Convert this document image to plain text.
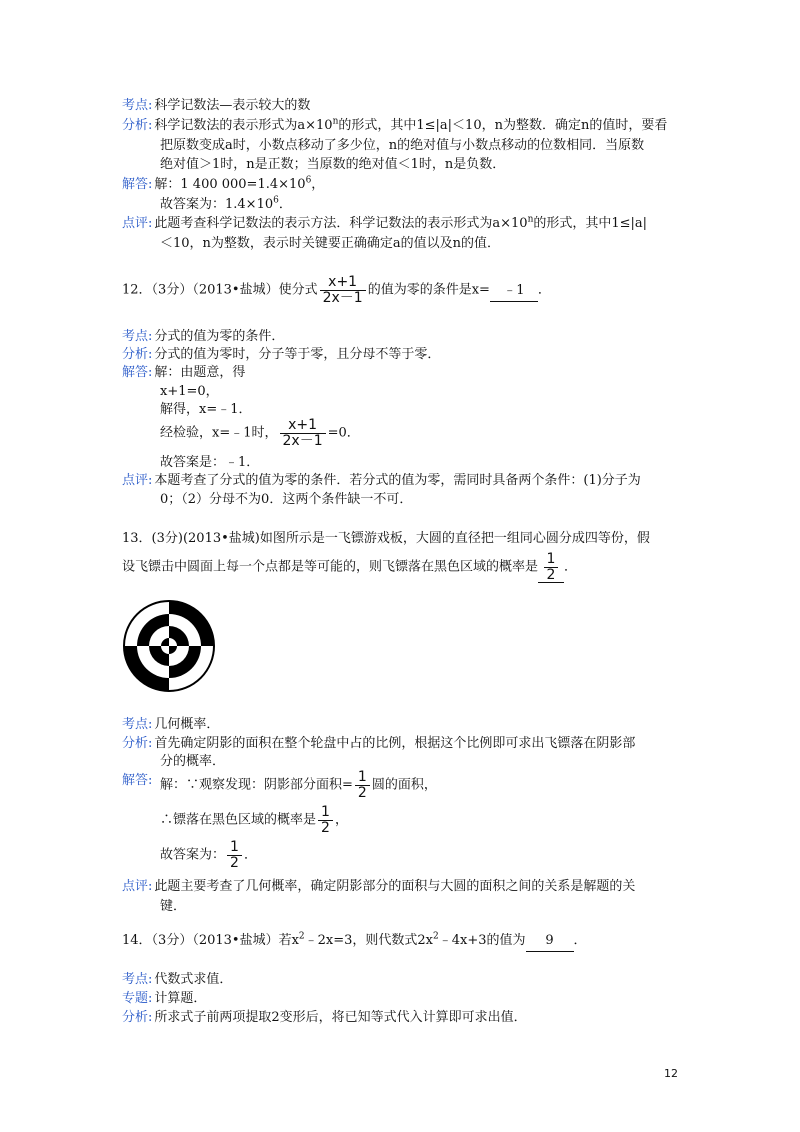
考点: 科学记数法—表示较大的数
分析: 科学记数法的表示形式为$a\times 10^n$的形式，其中1≤|a|＜10，n为整数．确定n的值时，要看
把原数变成a时，小数点移动了多少位，n的绝对值与小数点移动的位数相同．当原数
绝对值＞1时，n是正数；当原数的绝对值＜1时，n是负数．
解答: 解：1 400 $000=1.4\times 10^6$，
故答案为：$1.4\times 10^6$．
点评: 此题考查科学记数法的表示方法．科学记数法的表示形式为$a\times 10^n$的形式，其中1≤|a|
＜10，n为整数，表示时关键要正确确定a的值以及n的值．
12．（3分）（2013•盐城）使分式 $\frac{x+1}{2x-1}$ 的值为零的条件是x= ﹣1 ．
考点: 分式的值为零的条件．
分析: 分式的值为零时，分子等于零，且分母不等于零．
解答: 解：由题意，得
x+1=0，
解得，x=﹣1．
经检验，x=﹣1时， $\frac{x+1}{2x-1} =0$．
故答案是：﹣1．
点评: 本题考查了分式的值为零的条件．若分式的值为零，需同时具备两个条件：(1)分子为
0；（2）分母不为0．这两个条件缺一不可．
13．(3分)(2013•盐城)如图所示是一飞镖游戏板，大圆的直径把一组同心圆分成四等份，假
设飞镖击中圆面上每一个点都是等可能的，则飞镖落在黑色区域的概率是 $\frac{1}{2}$ ．
考点: 几何概率．
分析: 首先确定阴影的面积在整个轮盘中占的比例，根据这个比例即可求出飞镖落在阴影部
分的概率．
解答: 解：∵观察发现：阴影部分面积= $\frac{1}{2}$ 圆的面积，
∴镖落在黑色区域的概率是 $\frac{1}{2}$ ，
故答案为： $\frac{1}{2}$ ．
点评: 此题主要考查了几何概率，确定阴影部分的面积与大圆的面积之间的关系是解题的关
键．
14．（3分）（2013•盐城）若$x^2﹣2x=3$，则代数式$2x^2﹣4x+3$的值为 9 ．
考点: 代数式求值．
专题: 计算题．
分析: 所求式子前两项提取2变形后，将已知等式代入计算即可求出值．
12
